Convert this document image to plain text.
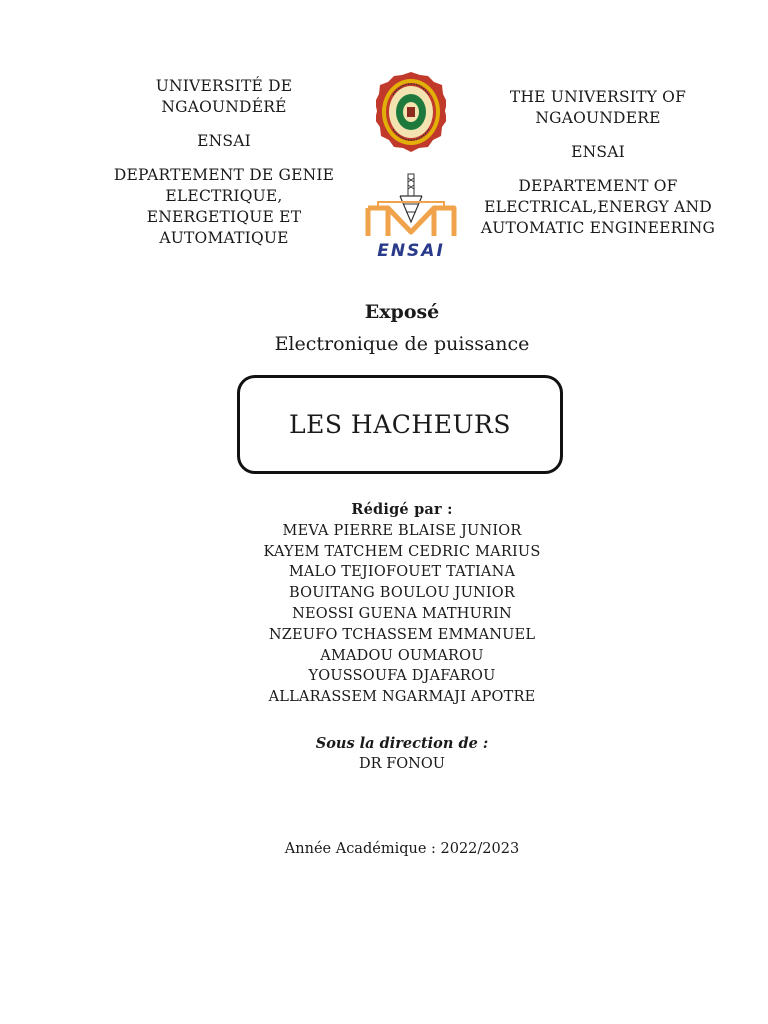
UNIVERSITÉ DE

NGAOUNDÉRÉ

ENSAI

DEPARTEMENT DE GENIE

ELECTRIQUE,

ENERGETIQUE ET

AUTOMATIQUE

ENSAI

THE UNIVERSITY OF

NGAOUNDERE

ENSAI

DEPARTEMENT OF

ELECTRICAL,ENERGY AND

AUTOMATIC ENGINEERING

Exposé
Electronique de puissance
LES HACHEURS
Rédigé par :
MEVA PIERRE BLAISE JUNIOR
KAYEM TATCHEM CEDRIC MARIUS
MALO TEJIOFOUET TATIANA
BOUITANG BOULOU JUNIOR
NEOSSI GUENA MATHURIN
NZEUFO TCHASSEM EMMANUEL
AMADOU OUMAROU
YOUSSOUFA DJAFAROU
ALLARASSEM NGARMAJI APOTRE
Sous la direction de :
DR FONOU
Année Académique : 2022/2023
